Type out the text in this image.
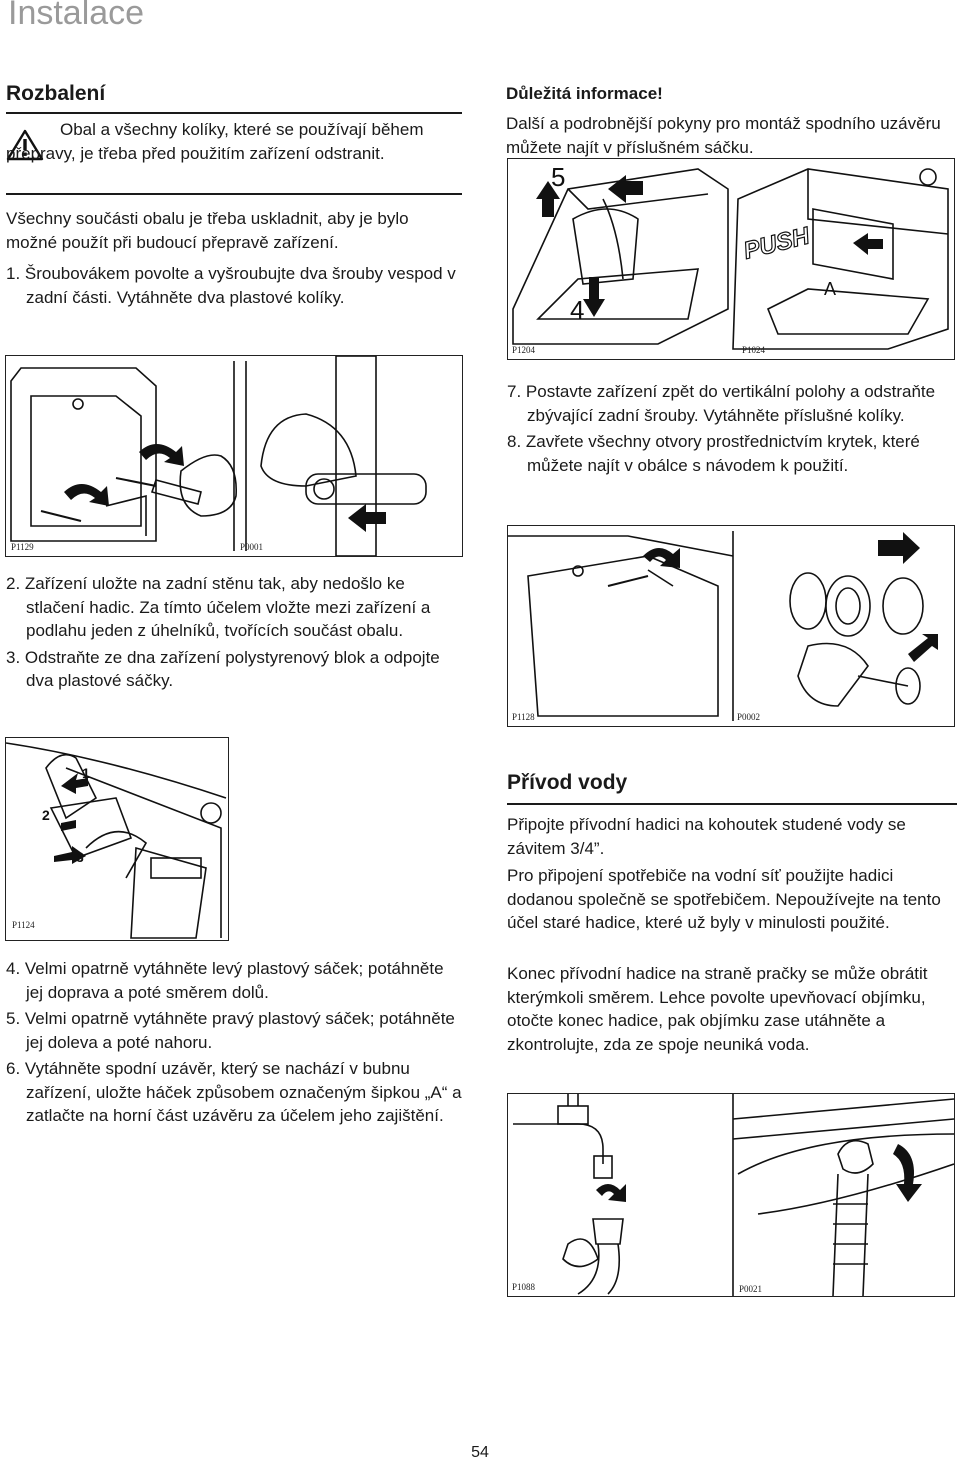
Instalace
Rozbalení

Obal a všechny kolíky, které se používají během přepravy, je třeba před použitím zařízení odstranit.

Všechny součásti obalu je třeba uskladnit, aby je bylo možné použít při budoucí přepravě zařízení.

1. Šroubovákem povolte a vyšroubujte dva šrouby vespod v zadní části. Vytáhněte dva plastové kolíky.
P1129	P0001
2. Zařízení uložte na zadní stěnu tak, aby nedošlo ke stlačení hadic. Za tímto účelem vložte mezi zařízení a podlahu jeden z úhelníků, tvořících součást obalu.
3. Odstraňte ze dna zařízení polystyrenový blok a odpojte dva plastové sáčky.
1
2
3
P1124
4. Velmi opatrně vytáhněte levý plastový sáček; potáhněte jej doprava a poté směrem dolů.
5. Velmi opatrně vytáhněte pravý plastový sáček; potáhněte jej doleva a poté nahoru.
6. Vytáhněte spodní uzávěr, který se nachází v bubnu zařízení, uložte háček způsobem označeným šipkou „A“ a zatlačte na horní část uzávěru za účelem jeho zajištění.

Důležitá informace!

Další a podrobnější pokyny pro montáž spodního uzávěru můžete najít v příslušném sáčku.

5
4
PUSH
A
P1204	P1024
7. Postavte zařízení zpět do vertikální polohy a odstraňte zbývající zadní šrouby. Vytáhněte příslušné kolíky.
8. Zavřete všechny otvory prostřednictvím krytek, které můžete najít v obálce s návodem k použití.
P1128	P0002
Přívod vody

Připojte přívodní hadici na kohoutek studené vody se závitem 3/4”.

Pro připojení spotřebiče na vodní síť použijte hadici dodanou společně se spotřebičem. Nepoužívejte na tento účel staré hadice, které už byly v minulosti použité.

Konec přívodní hadice na straně pračky se může obrátit kterýmkoli směrem. Lehce povolte upevňovací objímku, otočte konec hadice, pak objímku zase utáhněte a zkontrolujte, zda ze spoje neuniká voda.

P1088	P0021
54
